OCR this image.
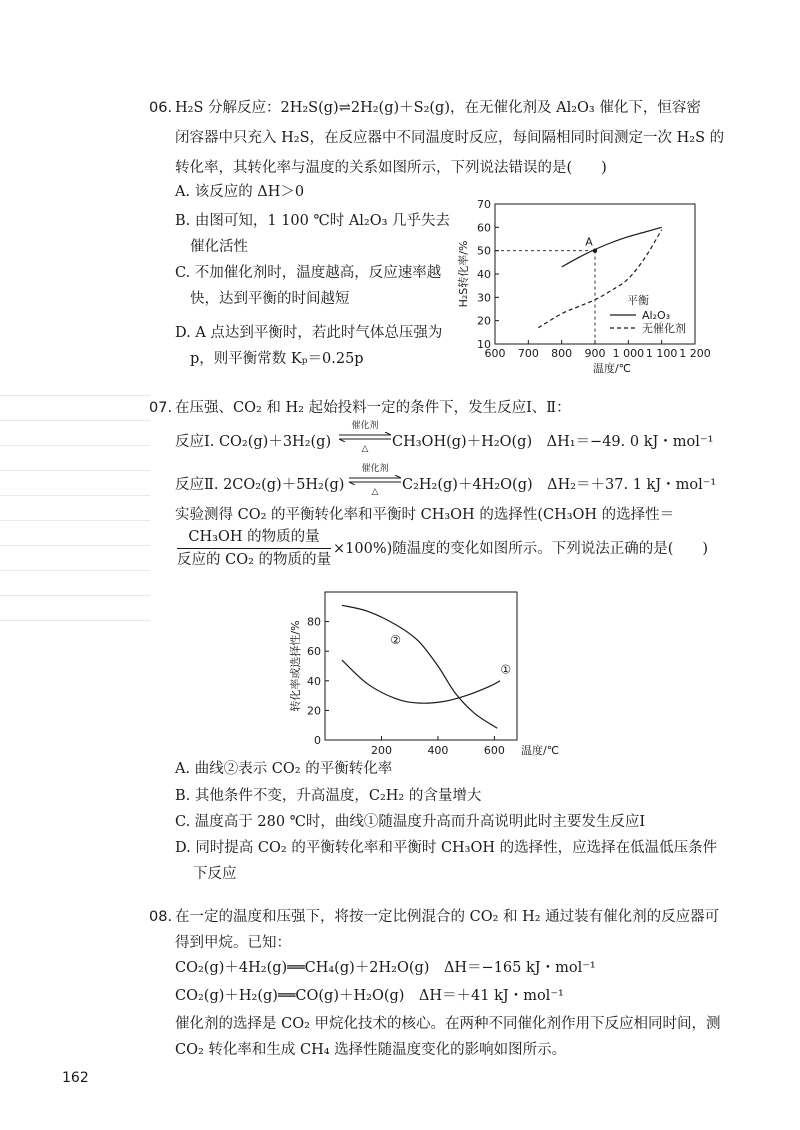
06. H₂S 分解反应：2H₂S(g)⇌2H₂(g)＋S₂(g)，在无催化剂及 Al₂O₃ 催化下，恒容密
闭容器中只充入 H₂S，在反应器中不同温度时反应，每间隔相同时间测定一次 H₂S 的
转化率，其转化率与温度的关系如图所示，下列说法错误的是(　　)
A. 该反应的 ΔH＞0
B. 由图可知，1 100 ℃时 Al₂O₃ 几乎失去
催化活性
C. 不加催化剂时，温度越高，反应速率越
快，达到平衡的时间越短
D. A 点达到平衡时，若此时气体总压强为
p，则平衡常数 Kₚ＝0.25p	600 700 800 900 1 000 1 100 1 200
10
20
30
40
50
60
70
温度/℃
H₂S转化率/%	A
平衡
Al₂O₃
无催化剂
07. 在压强、CO₂ 和 H₂ 起始投料一定的条件下，发生反应Ⅰ、Ⅱ：
反应Ⅰ. CO₂(g)＋3H₂(g)
催化剂
△	CH₃OH(g)＋H₂O(g)　ΔH₁＝−49. 0 kJ・mol⁻¹
反应Ⅱ. 2CO₂(g)＋5H₂(g)
催化剂
△	C₂H₂(g)＋4H₂O(g)　ΔH₂＝＋37. 1 kJ・mol⁻¹
实验测得 CO₂ 的平衡转化率和平衡时 CH₃OH 的选择性(CH₃OH 的选择性＝
CH₃OH 的物质的量
反应的 CO₂ 的物质的量
×100%)随温度的变化如图所示。下列说法正确的是(　　)
200	400	600
0
20
40
60
80
温度/℃
转化率或选择性/%	①
②
A. 曲线②表示 CO₂ 的平衡转化率
B. 其他条件不变，升高温度，C₂H₂ 的含量增大
C. 温度高于 280 ℃时，曲线①随温度升高而升高说明此时主要发生反应Ⅰ
D. 同时提高 CO₂ 的平衡转化率和平衡时 CH₃OH 的选择性，应选择在低温低压条件
下反应
08. 在一定的温度和压强下，将按一定比例混合的 CO₂ 和 H₂ 通过装有催化剂的反应器可
得到甲烷。已知：
CO₂(g)＋4H₂(g)══CH₄(g)＋2H₂O(g)　ΔH＝−165 kJ・mol⁻¹
CO₂(g)＋H₂(g)══CO(g)＋H₂O(g)　ΔH＝＋41 kJ・mol⁻¹
催化剂的选择是 CO₂ 甲烷化技术的核心。在两种不同催化剂作用下反应相同时间，测
CO₂ 转化率和生成 CH₄ 选择性随温度变化的影响如图所示。
162
